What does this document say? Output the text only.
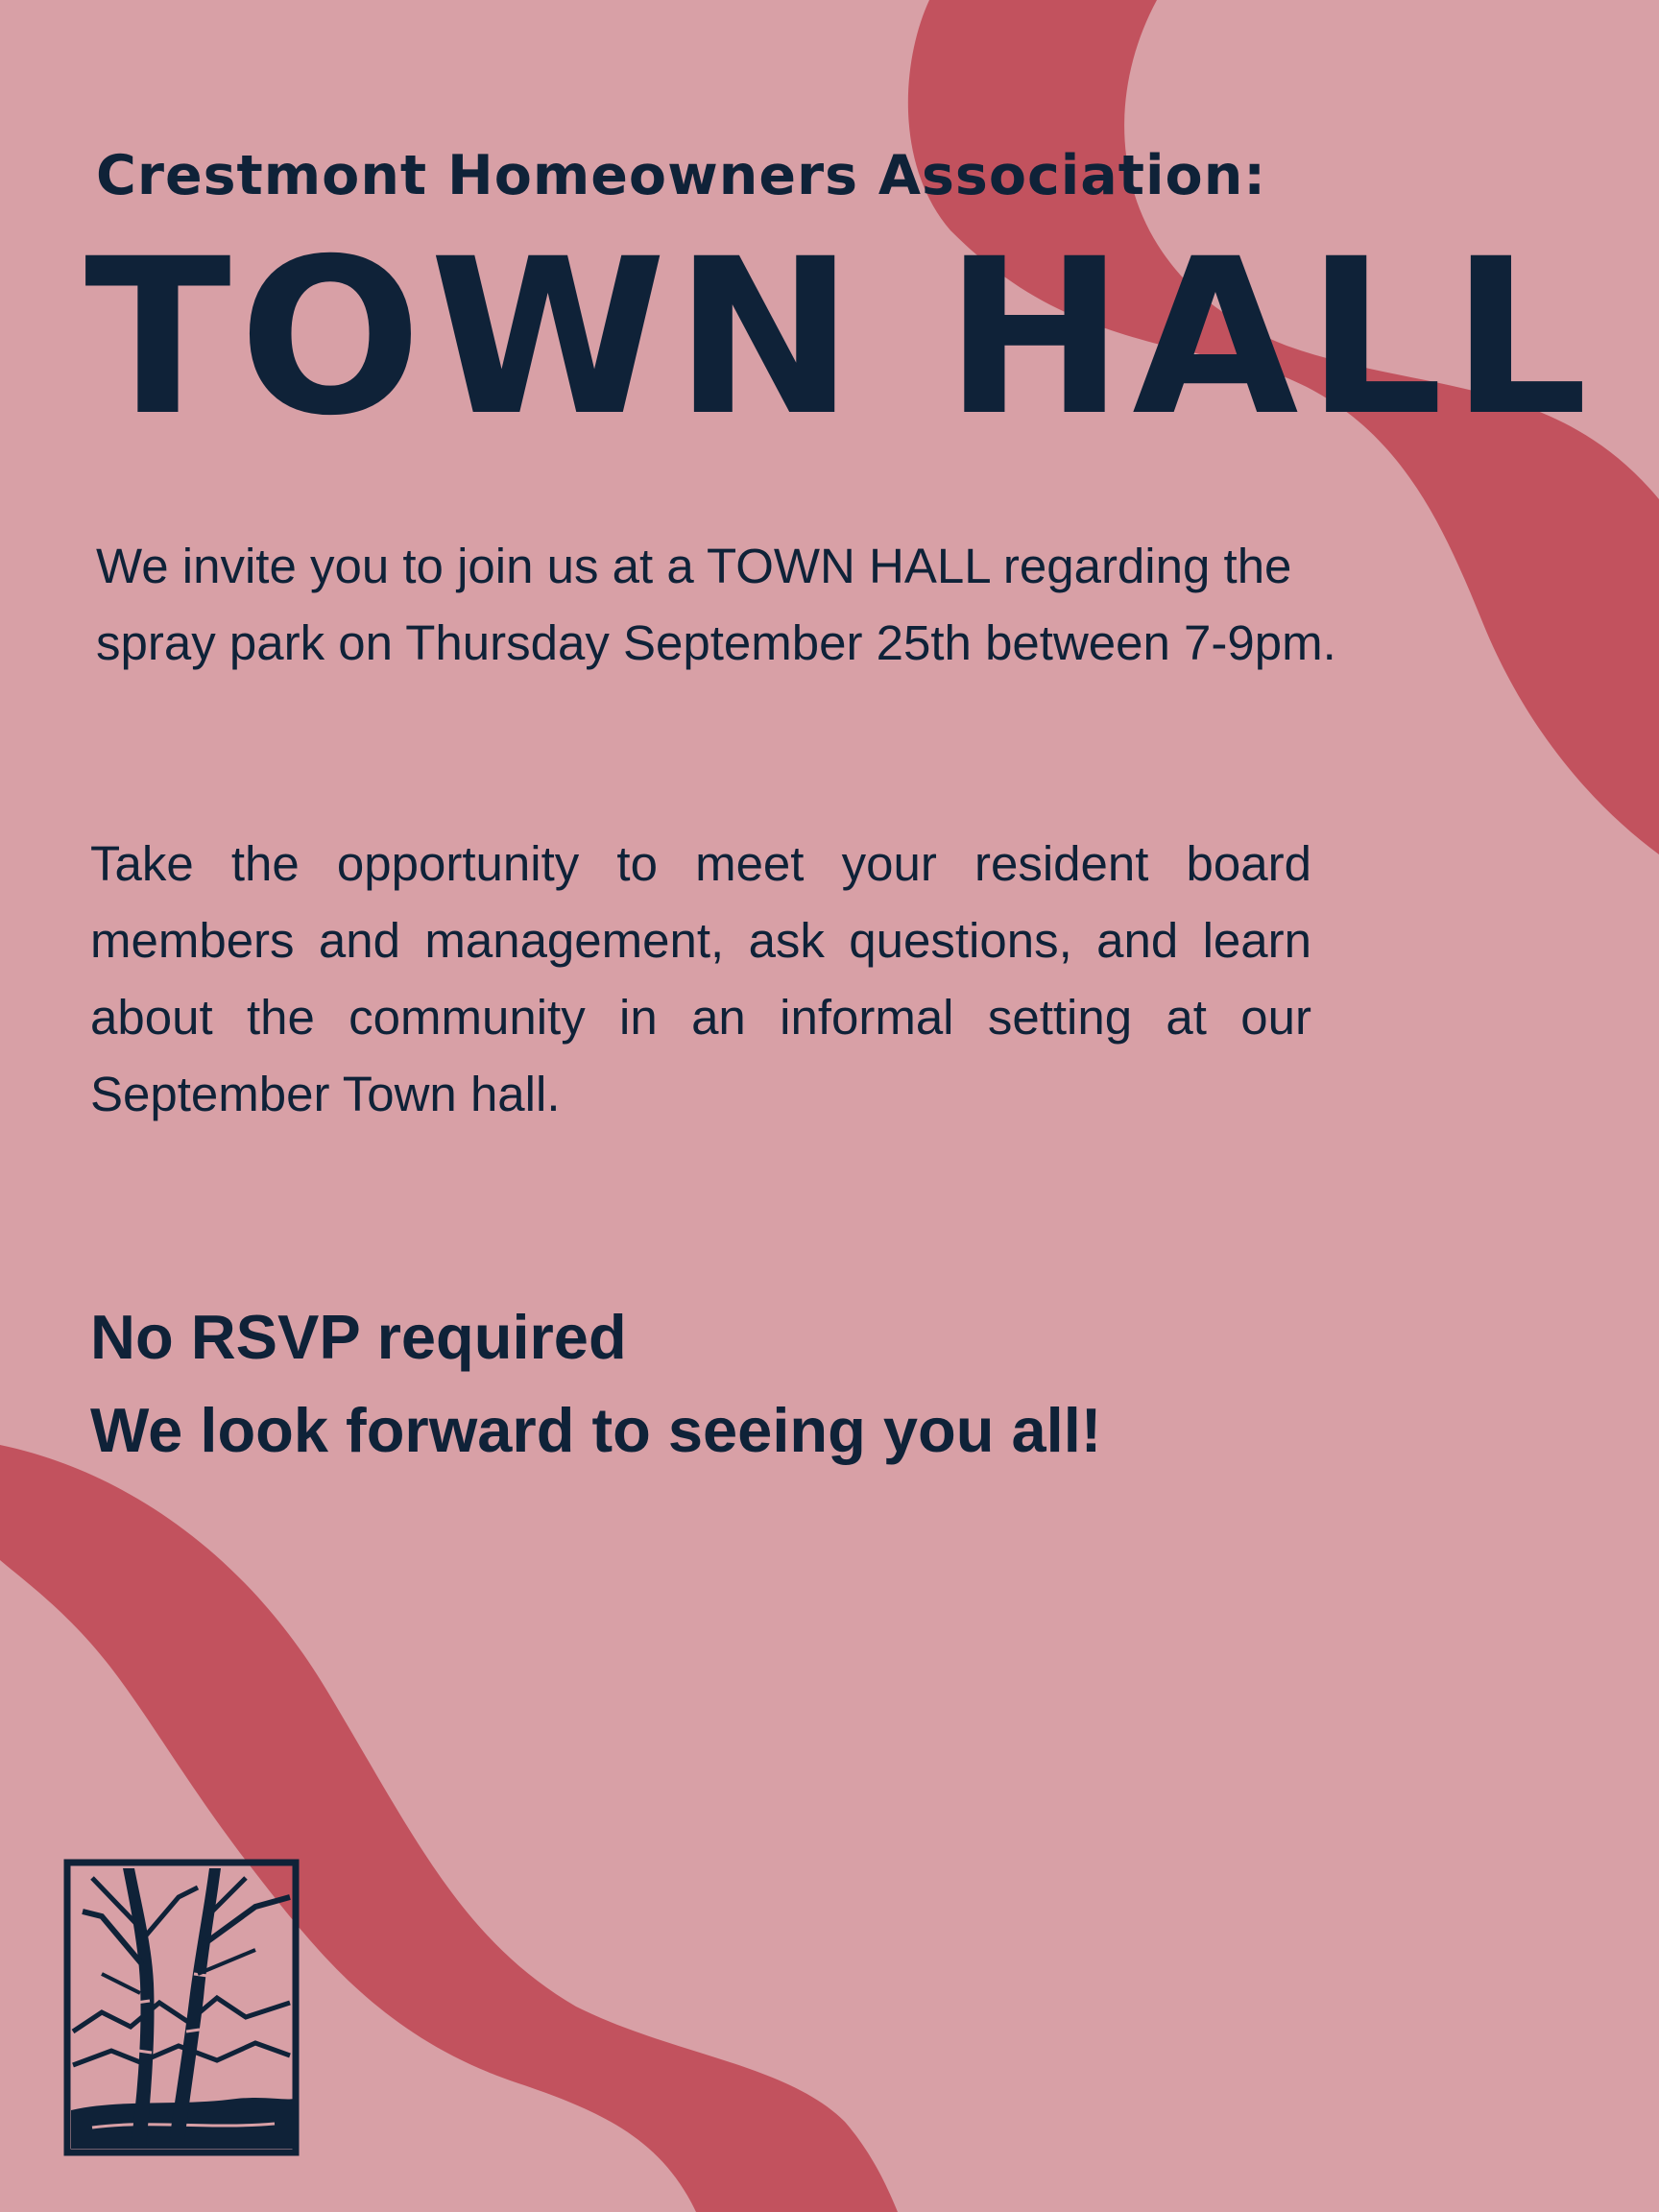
Crestmont Homeowners Association:
TOWN HALL

We invite you to join us at a TOWN HALL regarding the spray park on Thursday September 25th between 7-9pm.

Take the opportunity to meet your resident board members and management, ask questions, and learn about the community in an informal setting at our September Town hall.

No RSVP required

We look forward to seeing you all!
